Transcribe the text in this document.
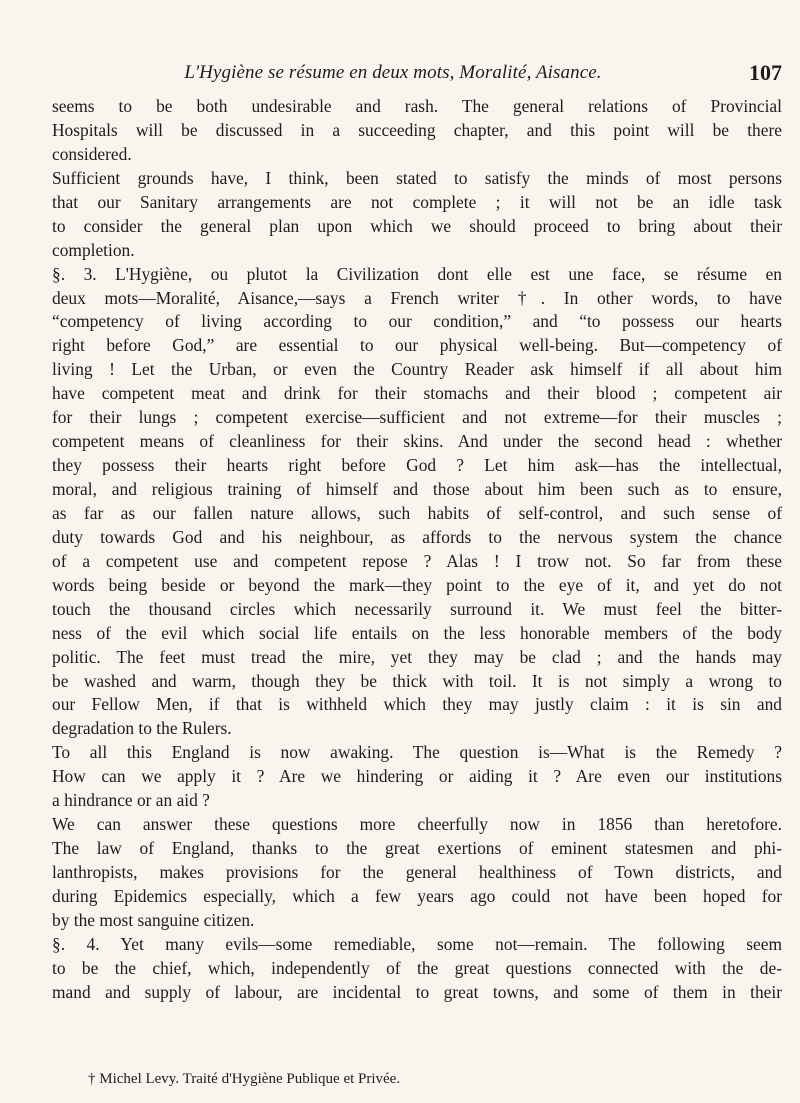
L'Hygiène se résume en deux mots, Moralité, Aisance.	107
seems to be both undesirable and rash. The general relations of Provincial
Hospitals will be discussed in a succeeding chapter, and this point will be there
considered.
Sufficient grounds have, I think, been stated to satisfy the minds of most persons
that our Sanitary arrangements are not complete ; it will not be an idle task
to consider the general plan upon which we should proceed to bring about their
completion.
§. 3. L'Hygiène, ou plutot la Civilization dont elle est une face, se résume en
deux mots—Moralité, Aisance,—says a French writer †. In other words, to have
“competency of living according to our condition,” and “to possess our hearts
right before God,” are essential to our physical well-being. But—competency of
living ! Let the Urban, or even the Country Reader ask himself if all about him
have competent meat and drink for their stomachs and their blood ; competent air
for their lungs ; competent exercise—sufficient and not extreme—for their muscles ;
competent means of cleanliness for their skins. And under the second head : whether
they possess their hearts right before God ? Let him ask—has the intellectual,
moral, and religious training of himself and those about him been such as to ensure,
as far as our fallen nature allows, such habits of self-control, and such sense of
duty towards God and his neighbour, as affords to the nervous system the chance
of a competent use and competent repose ? Alas ! I trow not. So far from these
words being beside or beyond the mark—they point to the eye of it, and yet do not
touch the thousand circles which necessarily surround it. We must feel the bitter-
ness of the evil which social life entails on the less honorable members of the body
politic. The feet must tread the mire, yet they may be clad ; and the hands may
be washed and warm, though they be thick with toil. It is not simply a wrong to
our Fellow Men, if that is withheld which they may justly claim : it is sin and
degradation to the Rulers.
To all this England is now awaking. The question is—What is the Remedy ?
How can we apply it ? Are we hindering or aiding it ? Are even our institutions
a hindrance or an aid ?
We can answer these questions more cheerfully now in 1856 than heretofore.
The law of England, thanks to the great exertions of eminent statesmen and phi-
lanthropists, makes provisions for the general healthiness of Town districts, and
during Epidemics especially, which a few years ago could not have been hoped for
by the most sanguine citizen.
§. 4. Yet many evils—some remediable, some not—remain. The following seem
to be the chief, which, independently of the great questions connected with the de-
mand and supply of labour, are incidental to great towns, and some of them in their
† Michel Levy. Traité d'Hygiène Publique et Privée.
